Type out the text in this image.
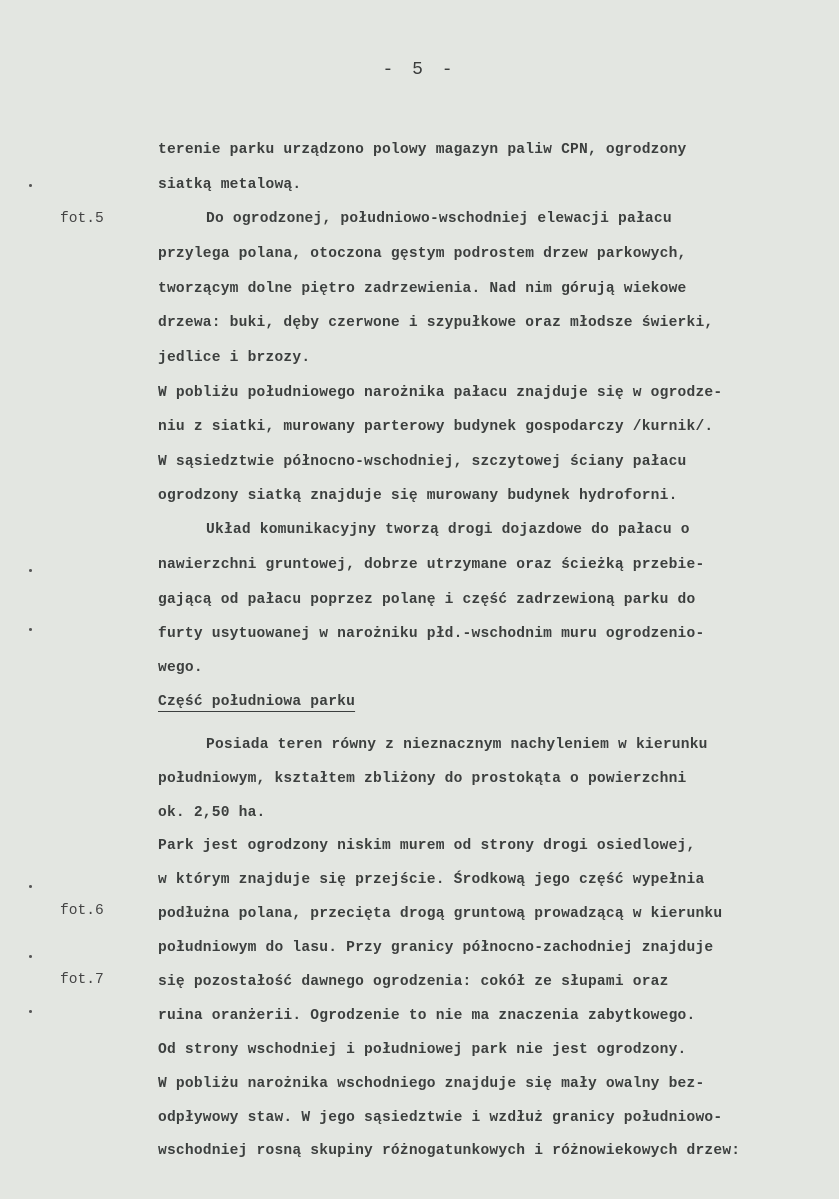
- 5 -
fot.5
fot.6
fot.7
terenie parku urządzono polowy magazyn paliw CPN, ogrodzony
siatką metalową.
Do ogrodzonej, południowo-wschodniej elewacji pałacu
przylega polana, otoczona gęstym podrostem drzew parkowych,
tworzącym dolne piętro zadrzewienia. Nad nim górują wiekowe
drzewa: buki, dęby czerwone i szypułkowe oraz młodsze świerki,
jedlice i brzozy.
W pobliżu południowego narożnika pałacu znajduje się w ogrodze-
niu z siatki, murowany parterowy budynek gospodarczy /kurnik/.
W sąsiedztwie północno-wschodniej, szczytowej ściany pałacu
ogrodzony siatką znajduje się murowany budynek hydroforni.
Układ komunikacyjny tworzą drogi dojazdowe do pałacu o
nawierzchni gruntowej, dobrze utrzymane oraz ścieżką przebie-
gającą od pałacu poprzez polanę i część zadrzewioną parku do
furty usytuowanej w narożniku płd.-wschodnim muru ogrodzenio-
wego.
Część południowa parku
Posiada teren równy z nieznacznym nachyleniem w kierunku
południowym, kształtem zbliżony do prostokąta o powierzchni
ok. 2,50 ha.
Park jest ogrodzony niskim murem od strony drogi osiedlowej,
w którym znajduje się przejście. Środkową jego część wypełnia
podłużna polana, przecięta drogą gruntową prowadzącą w kierunku
południowym do lasu. Przy granicy północno-zachodniej znajduje
się pozostałość dawnego ogrodzenia: cokół ze słupami oraz
ruina oranżerii. Ogrodzenie to nie ma znaczenia zabytkowego.
Od strony wschodniej i południowej park nie jest ogrodzony.
W pobliżu narożnika wschodniego znajduje się mały owalny bez-
odpływowy staw. W jego sąsiedztwie i wzdłuż granicy południowo-
wschodniej rosną skupiny różnogatunkowych i różnowiekowych drzew:
